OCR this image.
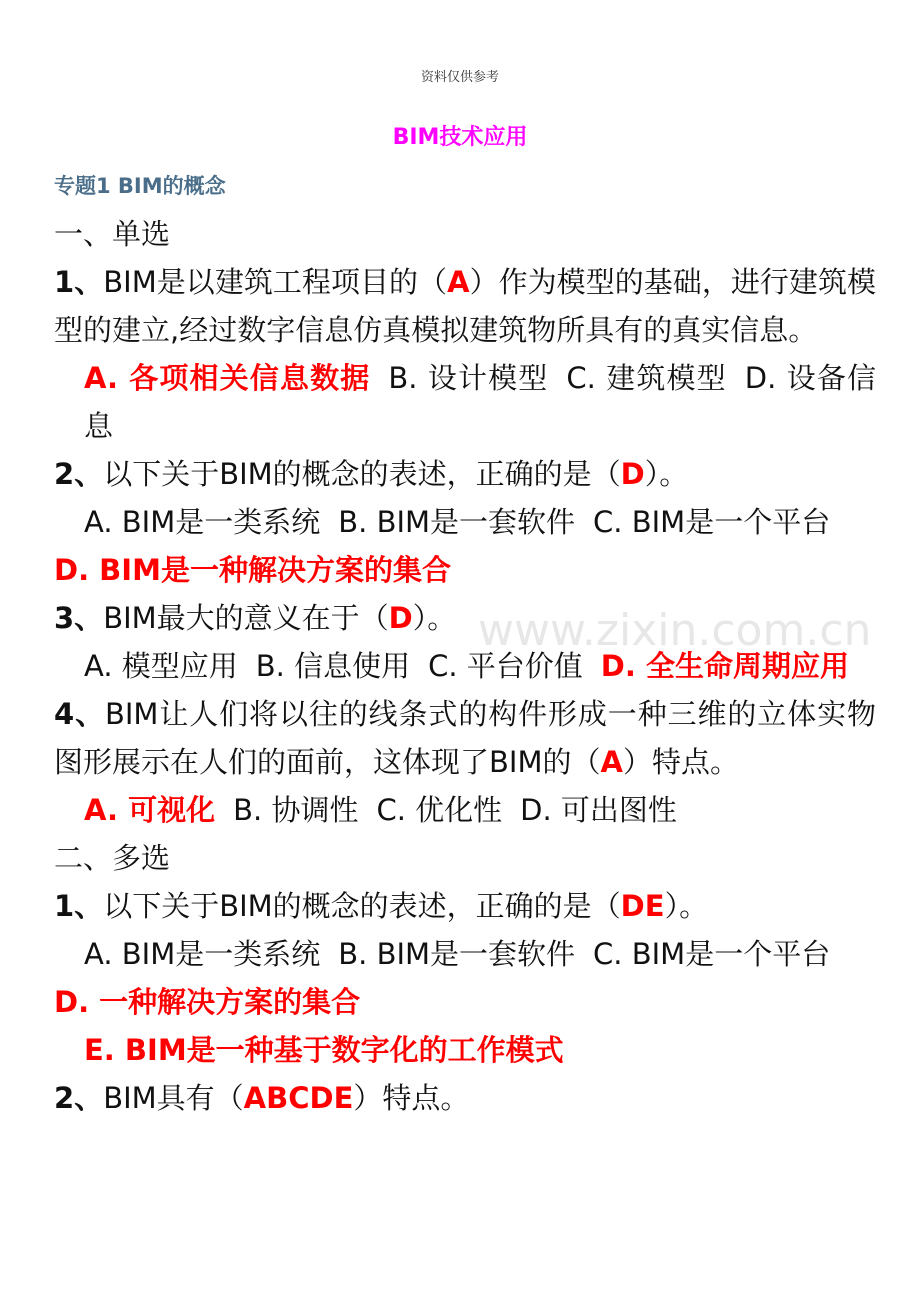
资料仅供参考
BIM技术应用
专题1 BIM的概念
www.zixin.com.cn
一、单选
1、BIM是以建筑工程项目的（A）作为模型的基础，进行建筑模型的建立,经过数字信息仿真模拟建筑物所具有的真实信息。
A. 各项相关信息数据 B. 设计模型 C. 建筑模型 D. 设备信息
2、以下关于BIM的概念的表述，正确的是（D）。
A. BIM是一类系统 B. BIM是一套软件 C. BIM是一个平台
D. BIM是一种解决方案的集合
3、BIM最大的意义在于（D）。
A. 模型应用 B. 信息使用 C. 平台价值 D. 全生命周期应用
4、BIM让人们将以往的线条式的构件形成一种三维的立体实物图形展示在人们的面前，这体现了BIM的（A）特点。
A. 可视化 B. 协调性 C. 优化性 D. 可出图性
二、多选
1、以下关于BIM的概念的表述，正确的是（DE）。
A. BIM是一类系统 B. BIM是一套软件 C. BIM是一个平台
D. 一种解决方案的集合
E. BIM是一种基于数字化的工作模式
2、BIM具有（ABCDE）特点。
